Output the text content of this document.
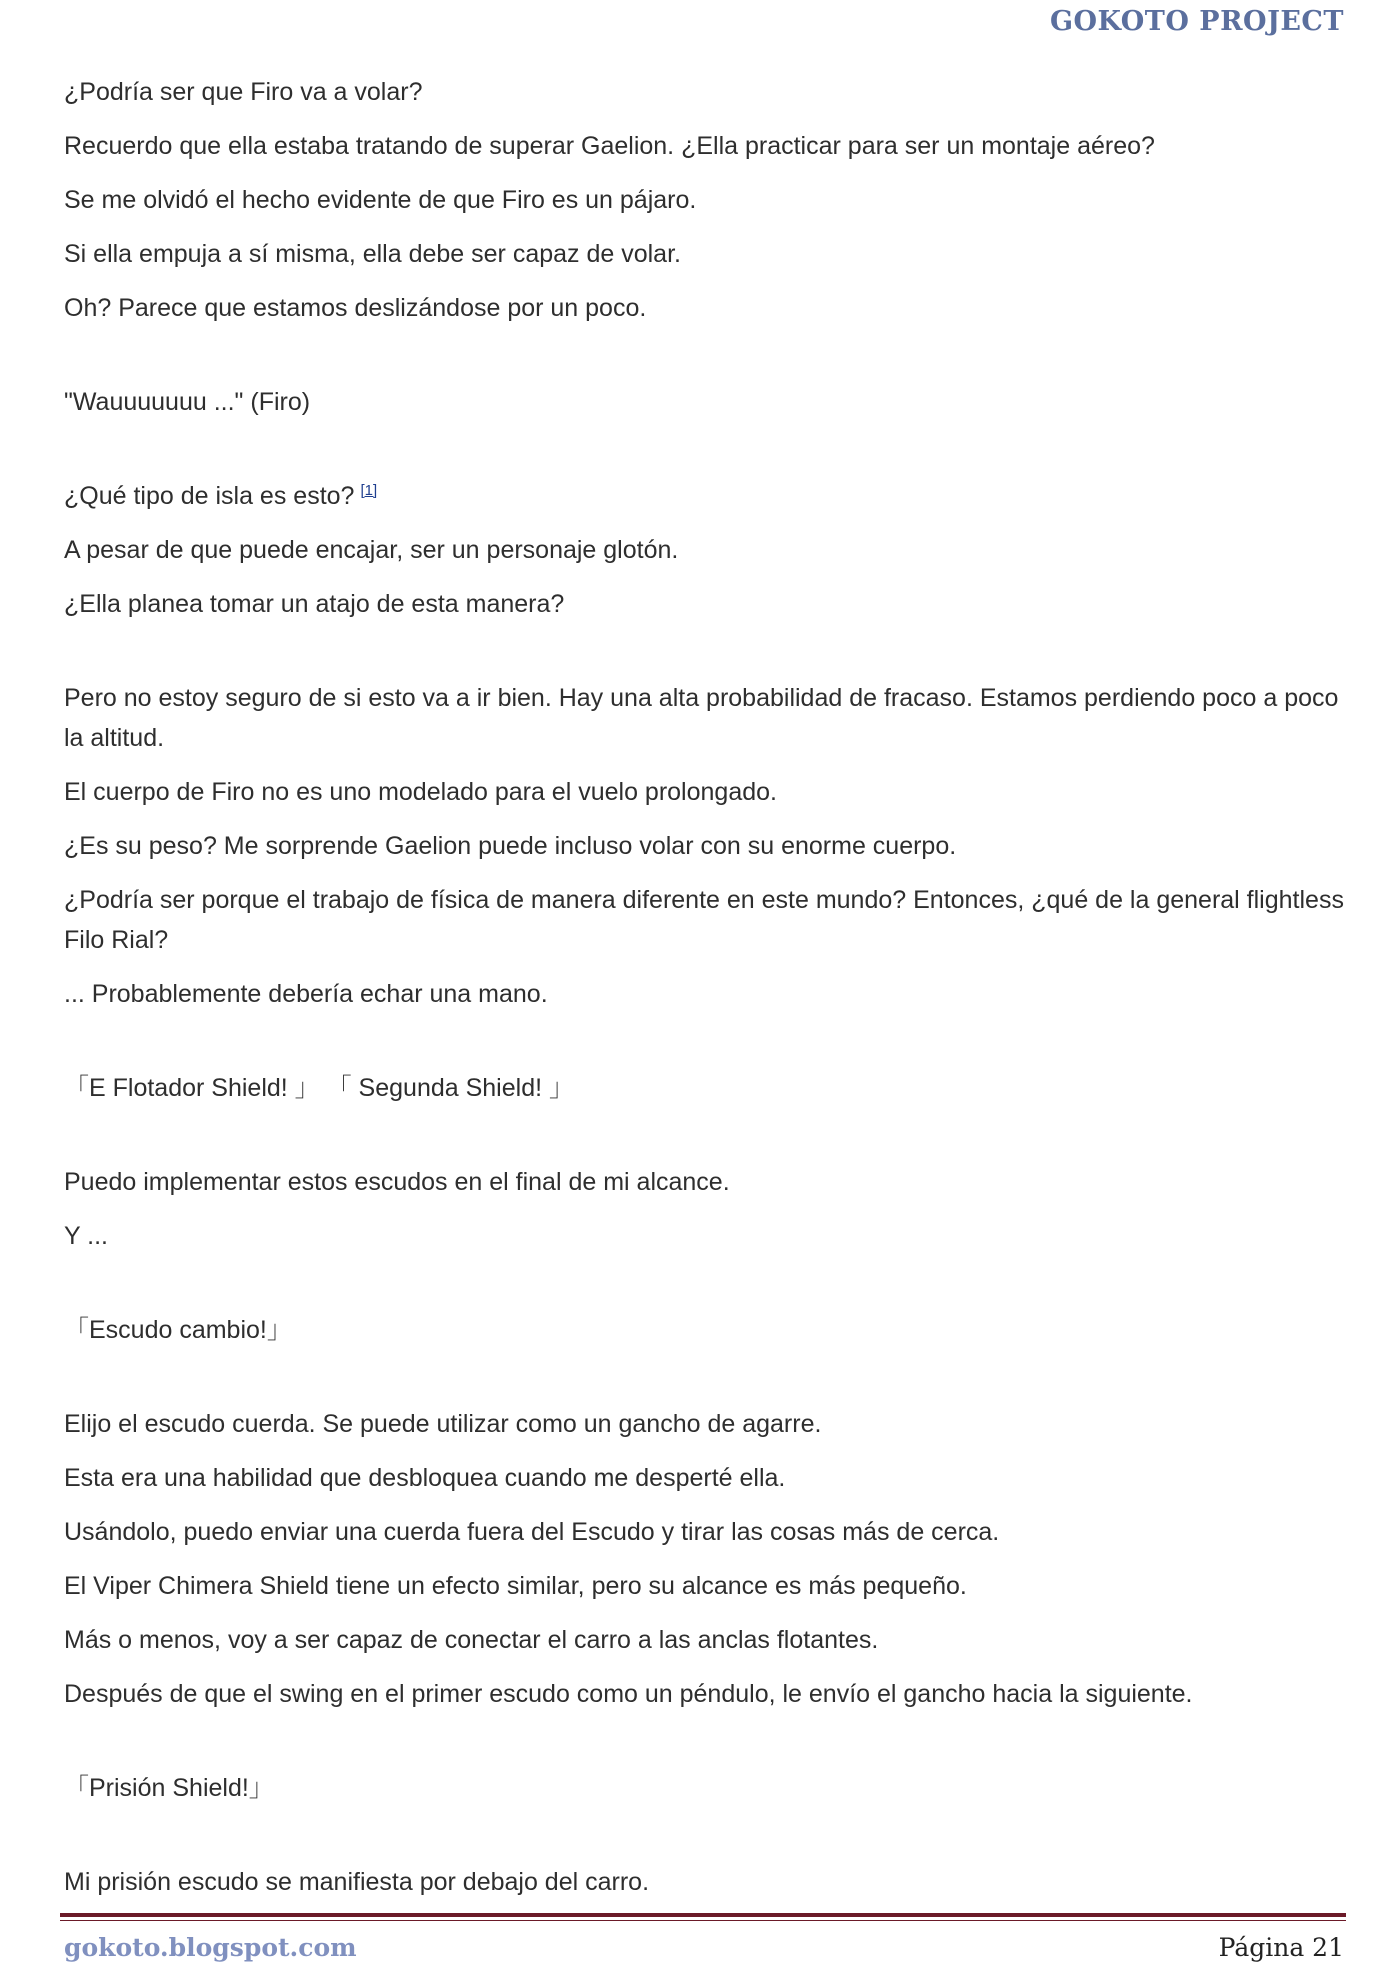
GOKOTO PROJECT

¿Podría ser que Firo va a volar?

Recuerdo que ella estaba tratando de superar Gaelion. ¿Ella practicar para ser un montaje aéreo?

Se me olvidó el hecho evidente de que Firo es un pájaro.

Si ella empuja a sí misma, ella debe ser capaz de volar.

Oh? Parece que estamos deslizándose por un poco.

"Wauuuuuuu ..." (Firo)

¿Qué tipo de isla es esto? [1]

A pesar de que puede encajar, ser un personaje glotón.

¿Ella planea tomar un atajo de esta manera?

Pero no estoy seguro de si esto va a ir bien. Hay una alta probabilidad de fracaso. Estamos perdiendo poco a poco la altitud.

El cuerpo de Firo no es uno modelado para el vuelo prolongado.

¿Es su peso? Me sorprende Gaelion puede incluso volar con su enorme cuerpo.

¿Podría ser porque el trabajo de física de manera diferente en este mundo? Entonces, ¿qué de la general flightless Filo Rial?

... Probablemente debería echar una mano.

「E Flotador Shield! 」 「 Segunda Shield! 」

Puedo implementar estos escudos en el final de mi alcance.

Y ...

「Escudo cambio!」

Elijo el escudo cuerda. Se puede utilizar como un gancho de agarre.

Esta era una habilidad que desbloquea cuando me desperté ella.

Usándolo, puedo enviar una cuerda fuera del Escudo y tirar las cosas más de cerca.

El Viper Chimera Shield tiene un efecto similar, pero su alcance es más pequeño.

Más o menos, voy a ser capaz de conectar el carro a las anclas flotantes.

Después de que el swing en el primer escudo como un péndulo, le envío el gancho hacia la siguiente.

「Prisión Shield!」

Mi prisión escudo se manifiesta por debajo del carro.

gokoto.blogspot.com	Página 21
